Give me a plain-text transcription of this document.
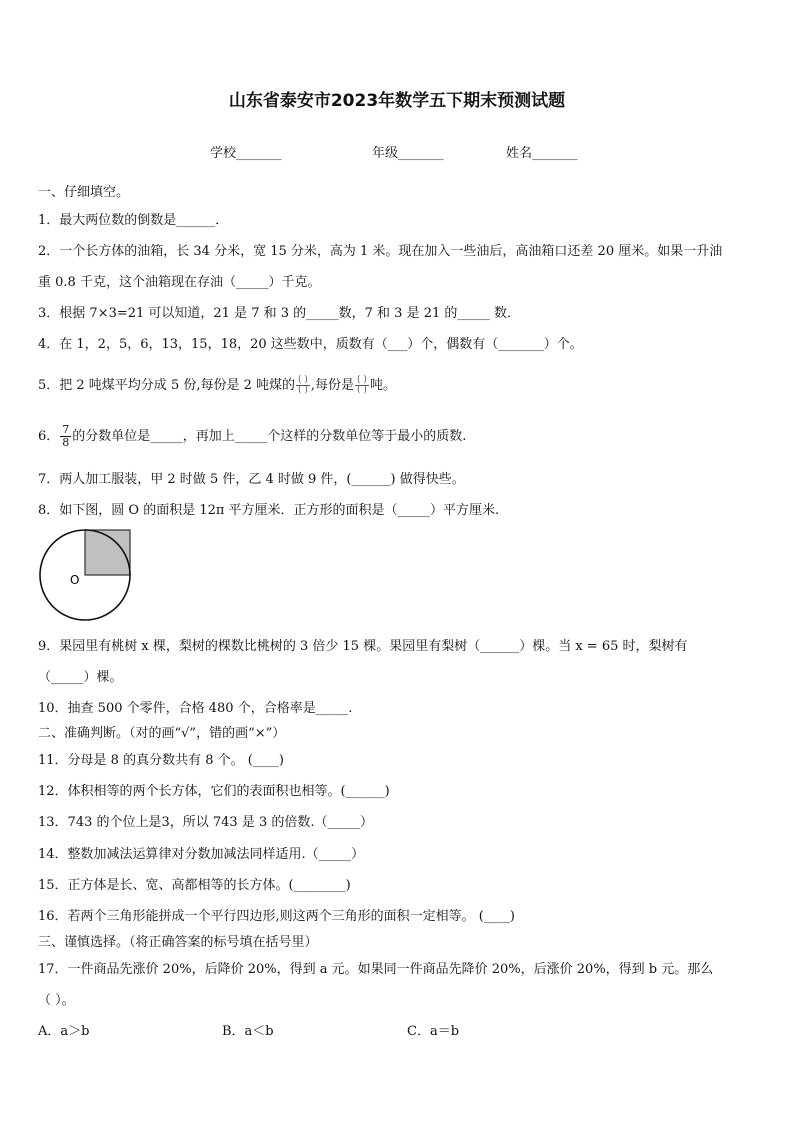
山东省泰安市2023年数学五下期末预测试题
学校_______	年级_______	姓名_______
一、仔细填空。
1．最大两位数的倒数是______．
2．一个长方体的油箱，长 34 分米，宽 15 分米，高为 1 米。现在加入一些油后，高油箱口还差 20 厘米。如果一升油
重 0.8 千克，这个油箱现在存油（_____）千克。
3．根据 7×3=21 可以知道，21 是 7 和 3 的_____数，7 和 3 是 21 的_____ 数．
4．在 1，2，5，6，13，15，18，20 这些数中，质数有（___）个，偶数有（_______）个。
5．把 2 吨煤平均分成 5 份,每份是 2 吨煤的 $\frac{( )}{( )}$ ,每份是 $\frac{( )}{( )}$ 吨。
6． $\frac{7}{8}$ 的分数单位是_____，再加上_____个这样的分数单位等于最小的质数.
7．两人加工服装，甲 2 时做 5 件，乙 4 时做 9 件，(______) 做得快些。
8．如下图，圆 O 的面积是 12π 平方厘米．正方形的面积是（_____）平方厘米.
O
9．果园里有桃树 x 棵，梨树的棵数比桃树的 3 倍少 15 棵。果园里有梨树（______）棵。当 x = 65 时，梨树有
（_____）棵。
10．抽查 500 个零件，合格 480 个，合格率是_____.
二、准确判断。（对的画“√”，错的画“×”）
11．分母是 8 的真分数共有 8 个。 (____)
12．体积相等的两个长方体，它们的表面积也相等。(______)
13．743 的个位上是3，所以 743 是 3 的倍数.（_____）
14．整数加减法运算律对分数加减法同样适用.（_____）
15．正方体是长、宽、高都相等的长方体。(________)
16．若两个三角形能拼成一个平行四边形,则这两个三角形的面积一定相等。 (____)
三、谨慎选择。（将正确答案的标号填在括号里）
17．一件商品先涨价 20%，后降价 20%，得到 a 元。如果同一件商品先降价 20%，后涨价 20%，得到 b 元。那么
（ ）。
A．a＞b	B．a＜b	C．a＝b
